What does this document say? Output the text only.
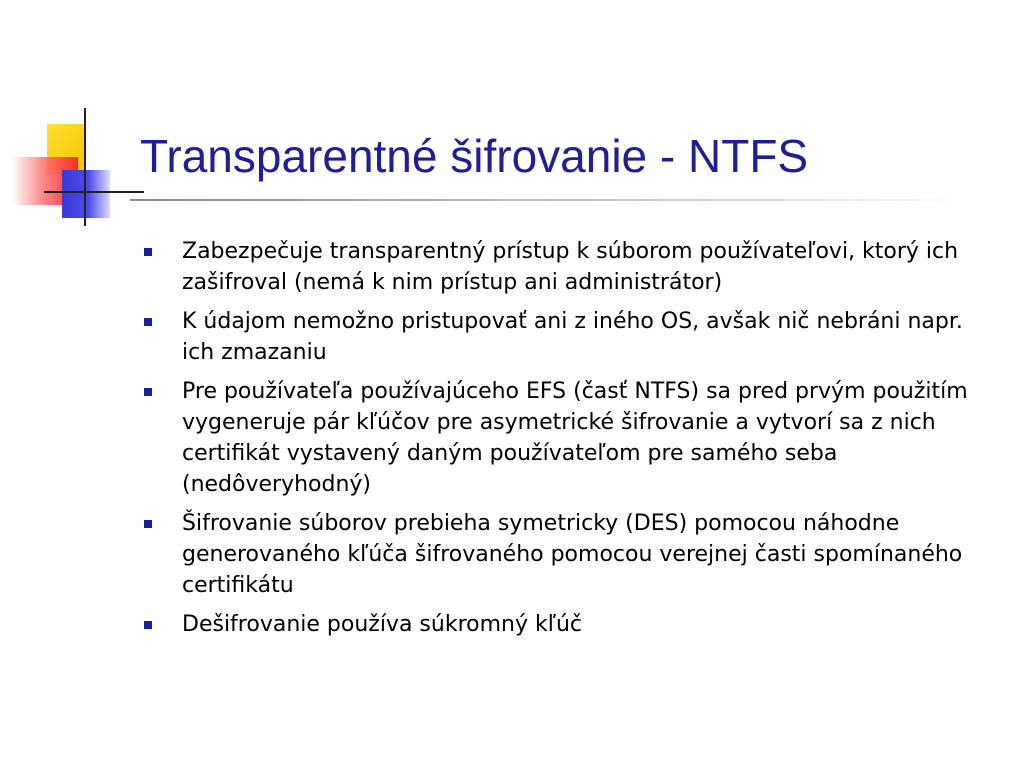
Transparentné šifrovanie - NTFS
Zabezpečuje transparentný prístup k súborom používateľovi, ktorý ich zašifroval (nemá k nim prístup ani administrátor)
K údajom nemožno pristupovať ani z iného OS, avšak nič nebráni napr. ich zmazaniu
Pre používateľa používajúceho EFS (časť NTFS) sa pred prvým použitím vygeneruje pár kľúčov pre asymetrické šifrovanie a vytvorí sa z nich certifikát vystavený daným používateľom pre samého seba (nedôveryhodný)
Šifrovanie súborov prebieha symetricky (DES) pomocou náhodne generovaného kľúča šifrovaného pomocou verejnej časti spomínaného certifikátu
Dešifrovanie používa súkromný kľúč
